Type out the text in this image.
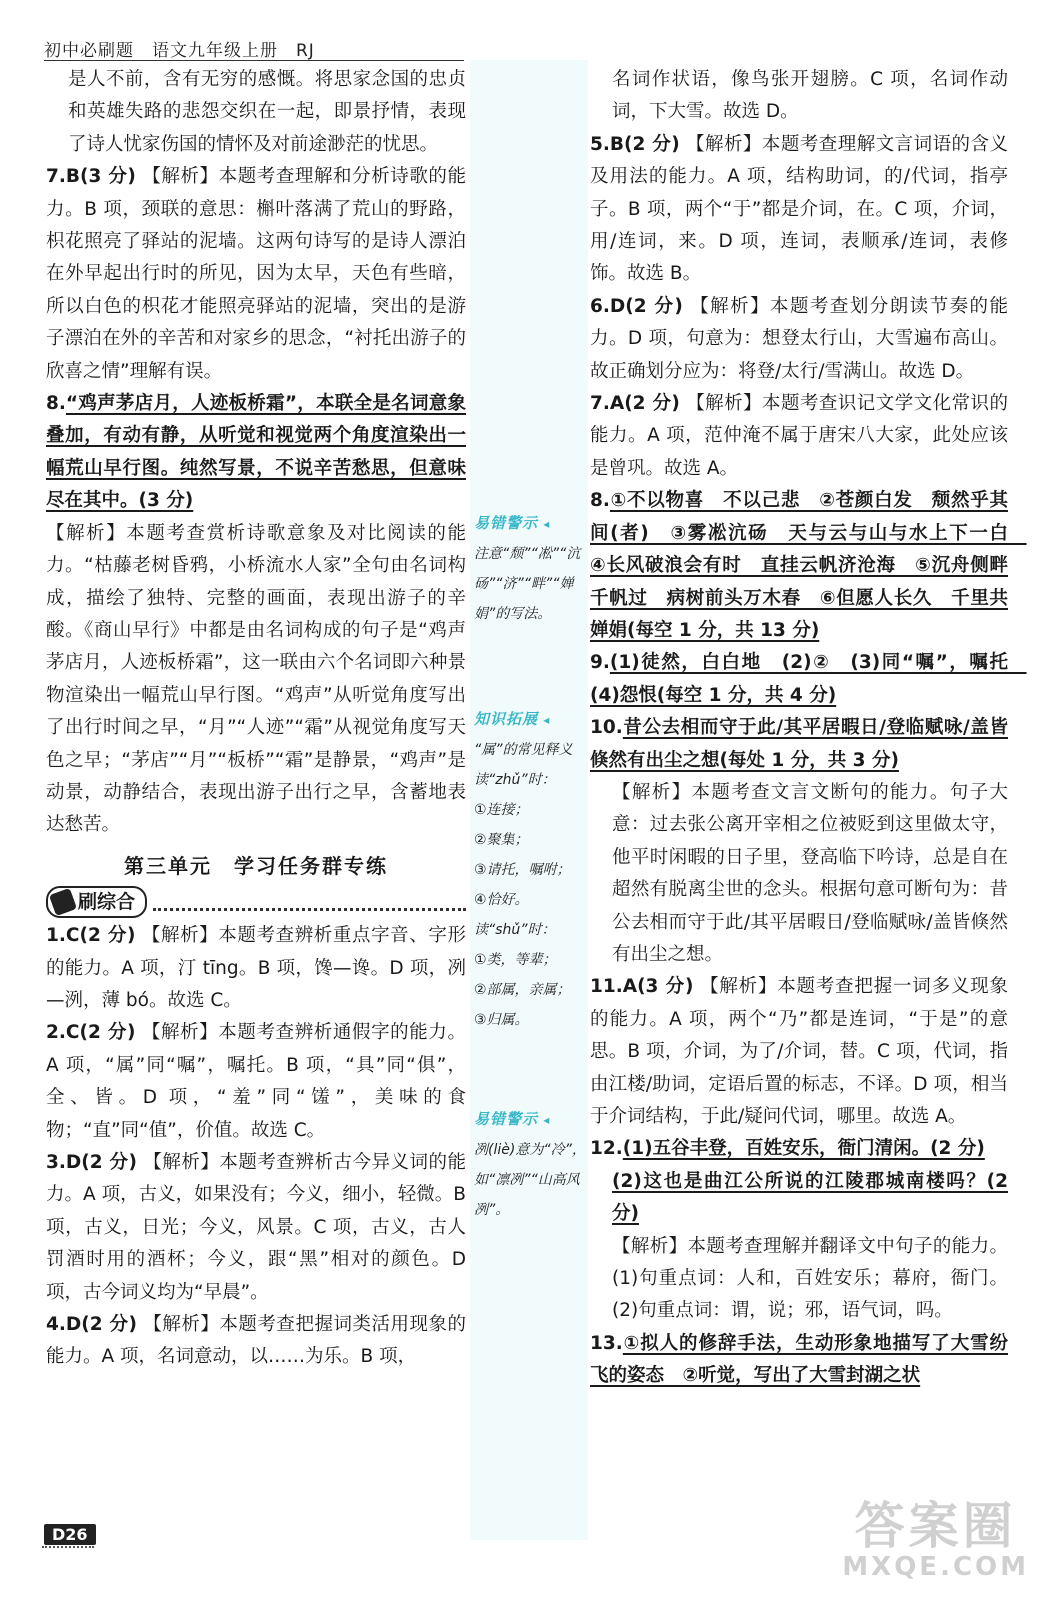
初中必刷题　语文九年级上册　RJ

是人不前，含有无穷的感慨。将思家念国的忠贞和英雄失路的悲怨交织在一起，即景抒情，表现了诗人忧家伤国的情怀及对前途渺茫的忧思。

7.B(3 分) 【解析】本题考查理解和分析诗歌的能力。B 项，颈联的意思：槲叶落满了荒山的野路，枳花照亮了驿站的泥墙。这两句诗写的是诗人漂泊在外早起出行时的所见，因为太早，天色有些暗，所以白色的枳花才能照亮驿站的泥墙，突出的是游子漂泊在外的辛苦和对家乡的思念，“衬托出游子的欣喜之情”理解有误。

8.“鸡声茅店月，人迹板桥霜”，本联全是名词意象叠加，有动有静，从听觉和视觉两个角度渲染出一幅荒山早行图。纯然写景，不说辛苦愁思，但意味尽在其中。(3 分)

【解析】本题考查赏析诗歌意象及对比阅读的能力。“枯藤老树昏鸦，小桥流水人家”全句由名词构成，描绘了独特、完整的画面，表现出游子的辛酸。《商山早行》中都是由名词构成的句子是“鸡声茅店月，人迹板桥霜”，这一联由六个名词即六种景物渲染出一幅荒山早行图。“鸡声”从听觉角度写出了出行时间之早，“月”“人迹”“霜”从视觉角度写天色之早；“茅店”“月”“板桥”“霜”是静景，“鸡声”是动景，动静结合，表现出游子出行之早，含蓄地表达愁苦。

第三单元　学习任务群专练
刷综合

1.C(2 分) 【解析】本题考查辨析重点字音、字形的能力。A 项，汀 tīng。B 项，馋—谗。D 项，冽—洌，薄 bó。故选 C。

2.C(2 分) 【解析】本题考查辨析通假字的能力。A 项，“属”同“嘱”，嘱托。B 项，“具”同“俱”，全、皆。D 项，“羞”同“馐”，美味的食物；“直”同“值”，价值。故选 C。

3.D(2 分) 【解析】本题考查辨析古今异义词的能力。A 项，古义，如果没有；今义，细小，轻微。B 项，古义，日光；今义，风景。C 项，古义，古人罚酒时用的酒杯；今义，跟“黑”相对的颜色。D 项，古今词义均为“早晨”。

4.D(2 分) 【解析】本题考查把握词类活用现象的能力。A 项，名词意动，以……为乐。B 项，

易错警示 ◂
注意“颓”“凇”“沆 砀”“济”“畔”“婵娟”的写法。
知识拓展 ◂
“属”的常见释义
读“zhǔ”时：
①连接；
②聚集；
③请托，嘱咐；
④恰好。
读“shǔ”时：
①类，等辈；
②部属，亲属；
③归属。
易错警示 ◂
冽(liè)意为“冷”，如“凛冽”“山高风冽”。

名词作状语，像鸟张开翅膀。C 项，名词作动词，下大雪。故选 D。

5.B(2 分) 【解析】本题考查理解文言词语的含义及用法的能力。A 项，结构助词，的/代词，指亭子。B 项，两个“于”都是介词，在。C 项，介词，用/连词，来。D 项，连词，表顺承/连词，表修饰。故选 B。

6.D(2 分) 【解析】本题考查划分朗读节奏的能力。D 项，句意为：想登太行山，大雪遍布高山。故正确划分应为：将登/太行/雪满山。故选 D。

7.A(2 分) 【解析】本题考查识记文学文化常识的能力。A 项，范仲淹不属于唐宋八大家，此处应该是曾巩。故选 A。

8.①不以物喜　不以己悲　②苍颜白发　颓然乎其间(者)　③雾凇沆砀　天与云与山与水上下一白　④长风破浪会有时　直挂云帆济沧海　⑤沉舟侧畔千帆过　病树前头万木春　⑥但愿人长久　千里共婵娟(每空 1 分，共 13 分)

9.(1)徒然，白白地　(2)②　(3)同“嘱”，嘱托　(4)怨恨(每空 1 分，共 4 分)

10.昔公去相而守于此/其平居暇日/登临赋咏/盖皆倏然有出尘之想(每处 1 分，共 3 分)

【解析】本题考查文言文断句的能力。句子大意：过去张公离开宰相之位被贬到这里做太守，他平时闲暇的日子里，登高临下吟诗，总是自在超然有脱离尘世的念头。根据句意可断句为：昔公去相而守于此/其平居暇日/登临赋咏/盖皆倏然有出尘之想。

11.A(3 分) 【解析】本题考查把握一词多义现象的能力。A 项，两个“乃”都是连词，“于是”的意思。B 项，介词，为了/介词，替。C 项，代词，指由江楼/助词，定语后置的标志，不译。D 项，相当于介词结构，于此/疑问代词，哪里。故选 A。

12.(1)五谷丰登，百姓安乐，衙门清闲。(2 分)

(2)这也是曲江公所说的江陵郡城南楼吗？(2 分)

【解析】本题考查理解并翻译文中句子的能力。(1)句重点词：人和，百姓安乐；幕府，衙门。(2)句重点词：谓，说；邪，语气词，吗。

13.①拟人的修辞手法，生动形象地描写了大雪纷飞的姿态　②听觉，写出了大雪封湖之状

D26	答案圈
MXQE.COM
